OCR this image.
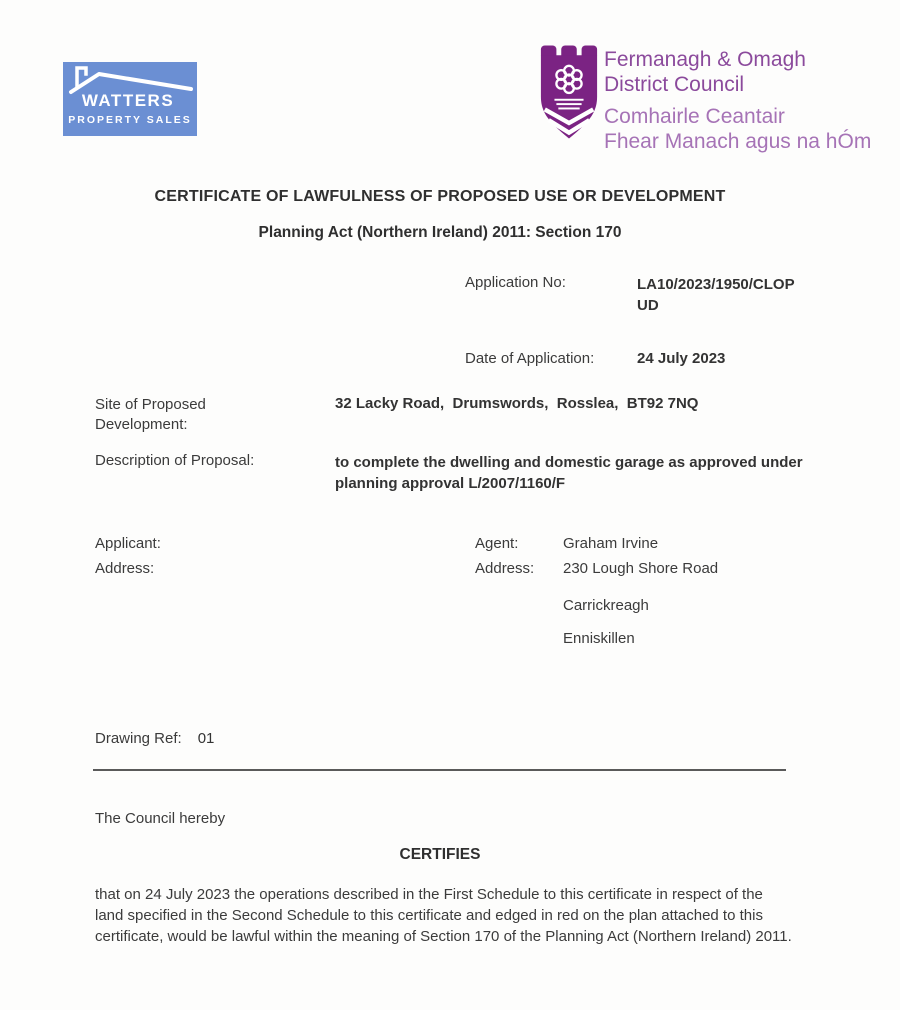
WATTERS
PROPERTY SALES
Fermanagh & Omagh
District Council
Comhairle Ceantair
Fhear Manach agus na hÓm
CERTIFICATE OF LAWFULNESS OF PROPOSED USE OR DEVELOPMENT
Planning Act (Northern Ireland) 2011: Section 170
Application No:	LA10/2023/1950/CLOP
UD
Date of Application:	24 July 2023
Site of Proposed
Development:
32 Lacky Road,  Drumswords,  Rosslea,  BT92 7NQ
Description of Proposal:	to complete the dwelling and domestic garage as approved under planning approval L/2007/1160/F
Applicant:
Address:
Agent:	Graham Irvine
Address: 230 Lough Shore Road
Carrickreagh
Enniskillen
Drawing Ref: 01
The Council hereby
CERTIFIES
that on 24 July 2023 the operations described in the First Schedule to this certificate in respect of the land specified in the Second Schedule to this certificate and edged in red on the plan attached to this certificate, would be lawful within the meaning of Section 170 of the Planning Act (Northern Ireland) 2011.
